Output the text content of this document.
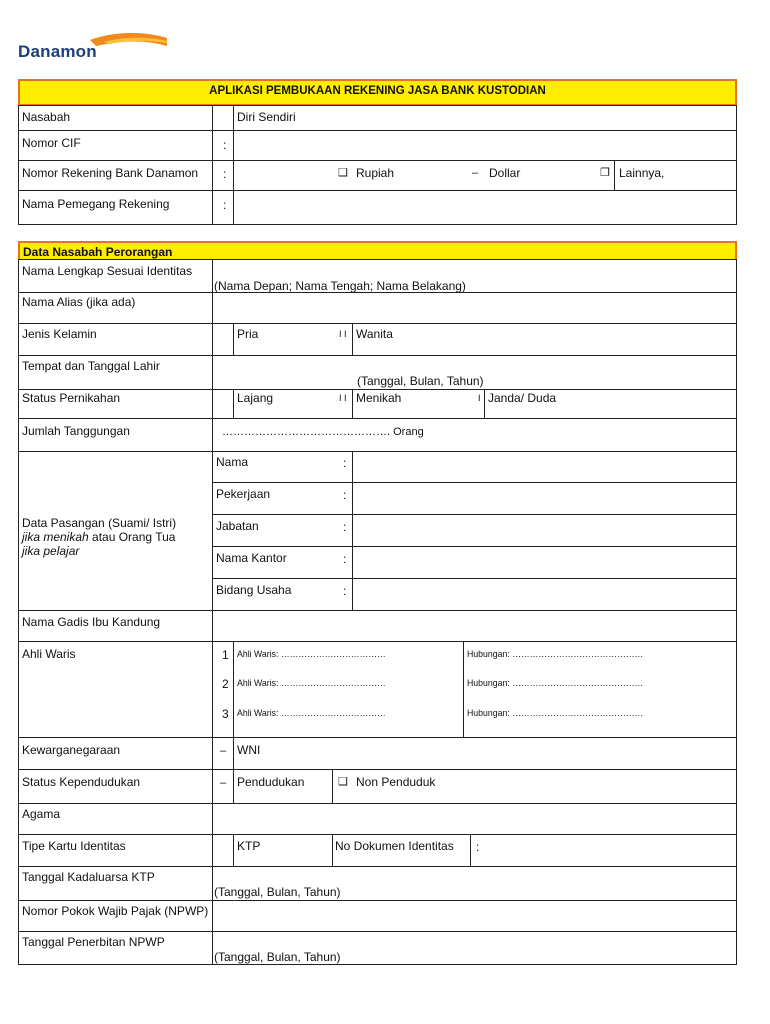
Danamon
APLIKASI PEMBUKAAN REKENING JASA BANK KUSTODIAN
Nasabah	Diri Sendiri
Nomor CIF	:
Nomor Rekening Bank Danamon :	❑ Rupiah	– Dollar	❐ Lainnya,
Nama Pemegang Rekening	:
Data Nasabah Perorangan
Nama Lengkap Sesuai Identitas
(Nama Depan; Nama Tengah; Nama Belakang)
Nama Alias (jika ada)
Jenis Kelamin	Pria	I I Wanita
Tempat dan Tanggal Lahir
(Tanggal, Bulan, Tahun)
Status Pernikahan	Lajang	I I Menikah	I Janda/ Duda
Jumlah Tanggungan	………………………………………. Orang
Data Pasangan (Suami/ Istri)
jika menikah atau Orang Tua
jika pelajar
Nama	:
Pekerjaan	:
Jabatan	:
Nama Kantor	:
Bidang Usaha	:
Nama Gadis Ibu Kandung
Ahli Waris	1 Ahli Waris: ………………………………	Hubungan: ………………………………………
2 Ahli Waris: ………………………………	Hubungan: ………………………………………
3 Ahli Waris: ………………………………	Hubungan: ………………………………………
Kewarganegaraan	– WNI
Status Kependudukan	– Pendudukan	❑ Non Penduduk
Agama
Tipe Kartu Identitas	KTP	No Dokumen Identitas :
Tanggal Kadaluarsa KTP
(Tanggal, Bulan, Tahun)
Nomor Pokok Wajib Pajak (NPWP)
Tanggal Penerbitan NPWP
(Tanggal, Bulan, Tahun)
